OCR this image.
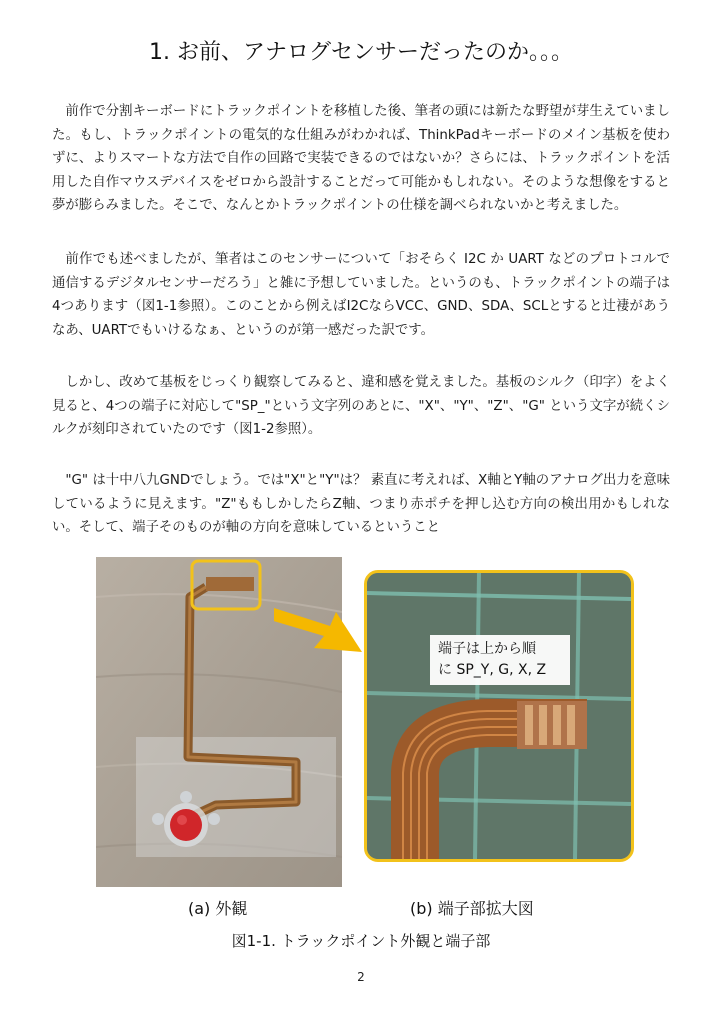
1. お前、アナログセンサーだったのか。。。

前作で分割キーボードにトラックポイントを移植した後、筆者の頭には新たな野望が芽生えていました。もし、トラックポイントの電気的な仕組みがわかれば、ThinkPadキーボードのメイン基板を使わずに、よりスマートな方法で自作の回路で実装できるのではないか？さらには、トラックポイントを活用した自作マウスデバイスをゼロから設計することだって可能かもしれない。そのような想像をすると夢が膨らみました。そこで、なんとかトラックポイントの仕様を調べられないかと考えました。

前作でも述べましたが、筆者はこのセンサーについて「おそらく I2C か UART などのプロトコルで通信するデジタルセンサーだろう」と雑に予想していました。というのも、トラックポイントの端子は4つあります（図1-1参照）。このことから例えばI2CならVCC、GND、SDA、SCLとすると辻褄があうなあ、UARTでもいけるなぁ、というのが第一感だった訳です。

しかし、改めて基板をじっくり観察してみると、違和感を覚えました。基板のシルク（印字）をよく見ると、4つの端子に対応して"SP_"という文字列のあとに、"X"、"Y"、"Z"、"G" という文字が続くシルクが刻印されていたのです（図1-2参照）。

"G" は十中八九GNDでしょう。では"X"と"Y"は？ 素直に考えれば、X軸とY軸のアナログ出力を意味しているように見えます。"Z"ももしかしたらZ軸、つまり赤ポチを押し込む方向の検出用かもしれない。そして、端子そのものが軸の方向を意味しているということ

端子は上から順
に SP_Y, G, X, Z
(a) 外観	(b) 端子部拡大図
図1-1. トラックポイント外観と端子部
2
